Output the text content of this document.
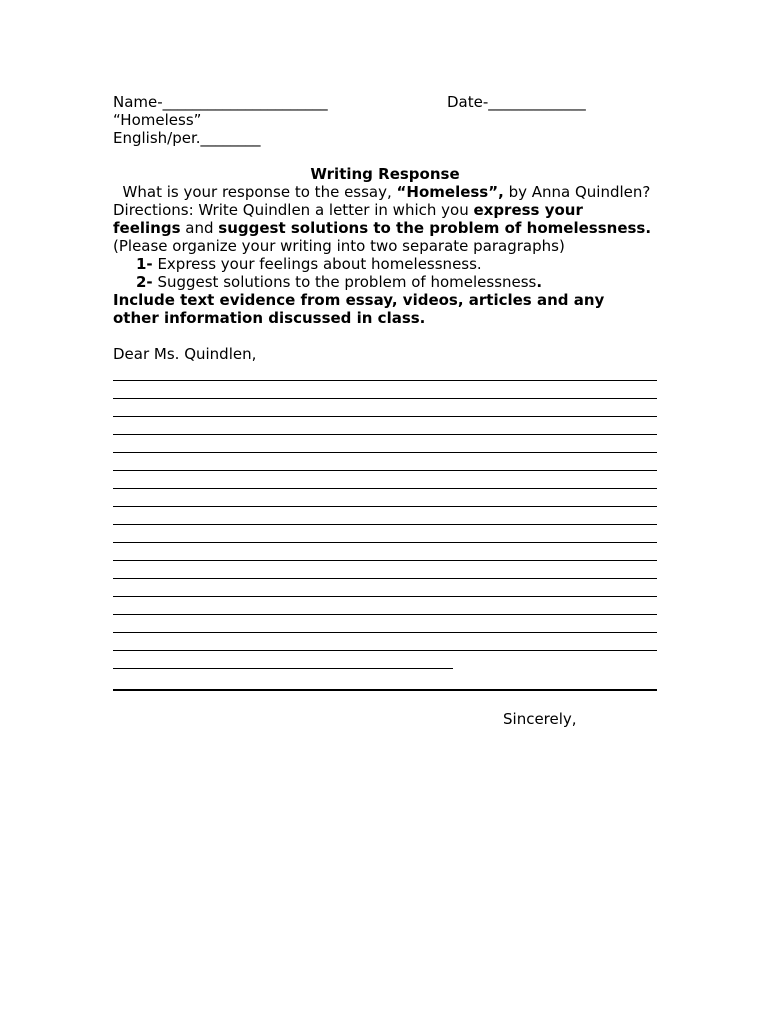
Name-______________________	Date-_____________
“Homeless”
English/per.________
Writing Response
What is your response to the essay, “Homeless”, by Anna Quindlen?
Directions: Write Quindlen a letter in which you express your
feelings and suggest solutions to the problem of homelessness.
(Please organize your writing into two separate paragraphs)
1- Express your feelings about homelessness.
2- Suggest solutions to the problem of homelessness.
Include text evidence from essay, videos, articles and any
other information discussed in class.
Dear Ms. Quindlen,
Sincerely,
